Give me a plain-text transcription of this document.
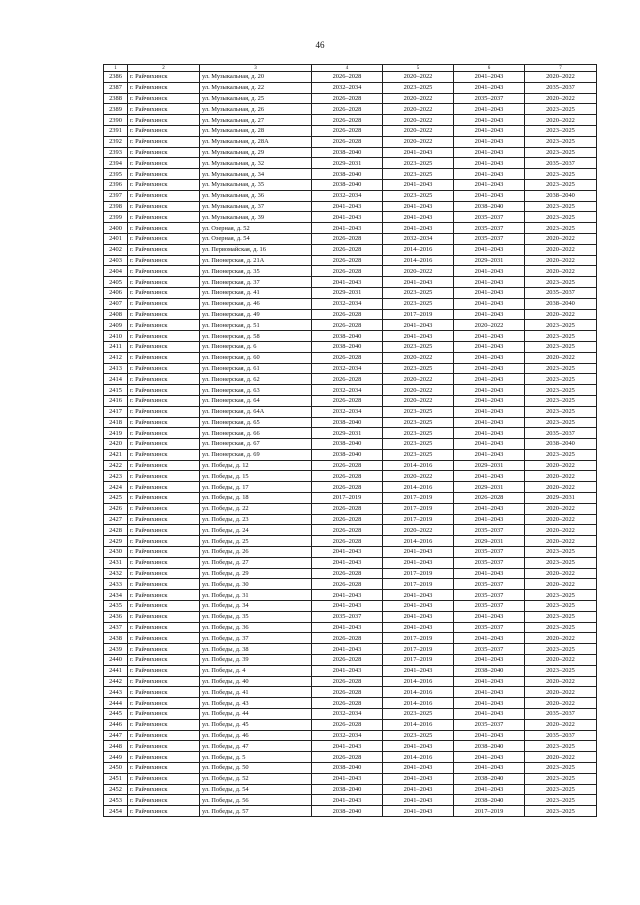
46
1	2	3	4	5	6	7
2386	г. Райчихинск	ул. Музыкальная, д. 20	2026–2028	2020–2022	2041–2043	2020–2022
2387	г. Райчихинск	ул. Музыкальная, д. 22	2032–2034	2023–2025	2041–2043	2035–2037
2388	г. Райчихинск	ул. Музыкальная, д. 25	2026–2028	2020–2022	2035–2037	2020–2022
2389	г. Райчихинск	ул. Музыкальная, д. 26	2026–2028	2020–2022	2041–2043	2023–2025
2390	г. Райчихинск	ул. Музыкальная, д. 27	2026–2028	2020–2022	2041–2043	2020–2022
2391	г. Райчихинск	ул. Музыкальная, д. 28	2026–2028	2020–2022	2041–2043	2023–2025
2392	г. Райчихинск	ул. Музыкальная, д. 28А	2026–2028	2020–2022	2041–2043	2023–2025
2393	г. Райчихинск	ул. Музыкальная, д. 29	2038–2040	2041–2043	2041–2043	2023–2025
2394	г. Райчихинск	ул. Музыкальная, д. 32	2029–2031	2023–2025	2041–2043	2035–2037
2395	г. Райчихинск	ул. Музыкальная, д. 34	2038–2040	2023–2025	2041–2043	2023–2025
2396	г. Райчихинск	ул. Музыкальная, д. 35	2038–2040	2041–2043	2041–2043	2023–2025
2397	г. Райчихинск	ул. Музыкальная, д. 36	2032–2034	2023–2025	2041–2043	2038–2040
2398	г. Райчихинск	ул. Музыкальная, д. 37	2041–2043	2041–2043	2038–2040	2023–2025
2399	г. Райчихинск	ул. Музыкальная, д. 39	2041–2043	2041–2043	2035–2037	2023–2025
2400	г. Райчихинск	ул. Озерная, д. 52	2041–2043	2041–2043	2035–2037	2023–2025
2401	г. Райчихинск	ул. Озерная, д. 54	2026–2028	2032–2034	2035–2037	2020–2022
2402	г. Райчихинск	ул. Первомайская, д. 16	2026–2028	2014–2016	2041–2043	2020–2022
2403	г. Райчихинск	ул. Пионерская, д. 21А	2026–2028	2014–2016	2029–2031	2020–2022
2404	г. Райчихинск	ул. Пионерская, д. 35	2026–2028	2020–2022	2041–2043	2020–2022
2405	г. Райчихинск	ул. Пионерская, д. 37	2041–2043	2041–2043	2041–2043	2023–2025
2406	г. Райчихинск	ул. Пионерская, д. 41	2029–2031	2023–2025	2041–2043	2035–2037
2407	г. Райчихинск	ул. Пионерская, д. 46	2032–2034	2023–2025	2041–2043	2038–2040
2408	г. Райчихинск	ул. Пионерская, д. 49	2026–2028	2017–2019	2041–2043	2020–2022
2409	г. Райчихинск	ул. Пионерская, д. 51	2026–2028	2041–2043	2020–2022	2023–2025
2410	г. Райчихинск	ул. Пионерская, д. 58	2038–2040	2041–2043	2041–2043	2023–2025
2411	г. Райчихинск	ул. Пионерская, д. 6	2038–2040	2023–2025	2041–2043	2023–2025
2412	г. Райчихинск	ул. Пионерская, д. 60	2026–2028	2020–2022	2041–2043	2020–2022
2413	г. Райчихинск	ул. Пионерская, д. 61	2032–2034	2023–2025	2041–2043	2023–2025
2414	г. Райчихинск	ул. Пионерская, д. 62	2026–2028	2020–2022	2041–2043	2023–2025
2415	г. Райчихинск	ул. Пионерская, д. 63	2032–2034	2020–2022	2041–2043	2023–2025
2416	г. Райчихинск	ул. Пионерская, д. 64	2026–2028	2020–2022	2041–2043	2023–2025
2417	г. Райчихинск	ул. Пионерская, д. 64А	2032–2034	2023–2025	2041–2043	2023–2025
2418	г. Райчихинск	ул. Пионерская, д. 65	2038–2040	2023–2025	2041–2043	2023–2025
2419	г. Райчихинск	ул. Пионерская, д. 66	2029–2031	2023–2025	2041–2043	2035–2037
2420	г. Райчихинск	ул. Пионерская, д. 67	2038–2040	2023–2025	2041–2043	2038–2040
2421	г. Райчихинск	ул. Пионерская, д. 69	2038–2040	2023–2025	2041–2043	2023–2025
2422	г. Райчихинск	ул. Победы, д. 12	2026–2028	2014–2016	2029–2031	2020–2022
2423	г. Райчихинск	ул. Победы, д. 15	2026–2028	2020–2022	2041–2043	2020–2022
2424	г. Райчихинск	ул. Победы, д. 17	2026–2028	2014–2016	2029–2031	2020–2022
2425	г. Райчихинск	ул. Победы, д. 18	2017–2019	2017–2019	2026–2028	2029–2031
2426	г. Райчихинск	ул. Победы, д. 22	2026–2028	2017–2019	2041–2043	2020–2022
2427	г. Райчихинск	ул. Победы, д. 23	2026–2028	2017–2019	2041–2043	2020–2022
2428	г. Райчихинск	ул. Победы, д. 24	2026–2028	2020–2022	2035–2037	2020–2022
2429	г. Райчихинск	ул. Победы, д. 25	2026–2028	2014–2016	2029–2031	2020–2022
2430	г. Райчихинск	ул. Победы, д. 26	2041–2043	2041–2043	2035–2037	2023–2025
2431	г. Райчихинск	ул. Победы, д. 27	2041–2043	2041–2043	2035–2037	2023–2025
2432	г. Райчихинск	ул. Победы, д. 29	2026–2028	2017–2019	2041–2043	2020–2022
2433	г. Райчихинск	ул. Победы, д. 30	2026–2028	2017–2019	2035–2037	2020–2022
2434	г. Райчихинск	ул. Победы, д. 31	2041–2043	2041–2043	2035–2037	2023–2025
2435	г. Райчихинск	ул. Победы, д. 34	2041–2043	2041–2043	2035–2037	2023–2025
2436	г. Райчихинск	ул. Победы, д. 35	2035–2037	2041–2043	2041–2043	2023–2025
2437	г. Райчихинск	ул. Победы, д. 36	2041–2043	2041–2043	2035–2037	2023–2025
2438	г. Райчихинск	ул. Победы, д. 37	2026–2028	2017–2019	2041–2043	2020–2022
2439	г. Райчихинск	ул. Победы, д. 38	2041–2043	2017–2019	2035–2037	2023–2025
2440	г. Райчихинск	ул. Победы, д. 39	2026–2028	2017–2019	2041–2043	2020–2022
2441	г. Райчихинск	ул. Победы, д. 4	2041–2043	2041–2043	2038–2040	2023–2025
2442	г. Райчихинск	ул. Победы, д. 40	2026–2028	2014–2016	2041–2043	2020–2022
2443	г. Райчихинск	ул. Победы, д. 41	2026–2028	2014–2016	2041–2043	2020–2022
2444	г. Райчихинск	ул. Победы, д. 43	2026–2028	2014–2016	2041–2043	2020–2022
2445	г. Райчихинск	ул. Победы, д. 44	2032–2034	2023–2025	2041–2043	2035–2037
2446	г. Райчихинск	ул. Победы, д. 45	2026–2028	2014–2016	2035–2037	2020–2022
2447	г. Райчихинск	ул. Победы, д. 46	2032–2034	2023–2025	2041–2043	2035–2037
2448	г. Райчихинск	ул. Победы, д. 47	2041–2043	2041–2043	2038–2040	2023–2025
2449	г. Райчихинск	ул. Победы, д. 5	2026–2028	2014–2016	2041–2043	2020–2022
2450	г. Райчихинск	ул. Победы, д. 50	2038–2040	2041–2043	2041–2043	2023–2025
2451	г. Райчихинск	ул. Победы, д. 52	2041–2043	2041–2043	2038–2040	2023–2025
2452	г. Райчихинск	ул. Победы, д. 54	2038–2040	2041–2043	2041–2043	2023–2025
2453	г. Райчихинск	ул. Победы, д. 56	2041–2043	2041–2043	2038–2040	2023–2025
2454	г. Райчихинск	ул. Победы, д. 57	2038–2040	2041–2043	2017–2019	2023–2025
